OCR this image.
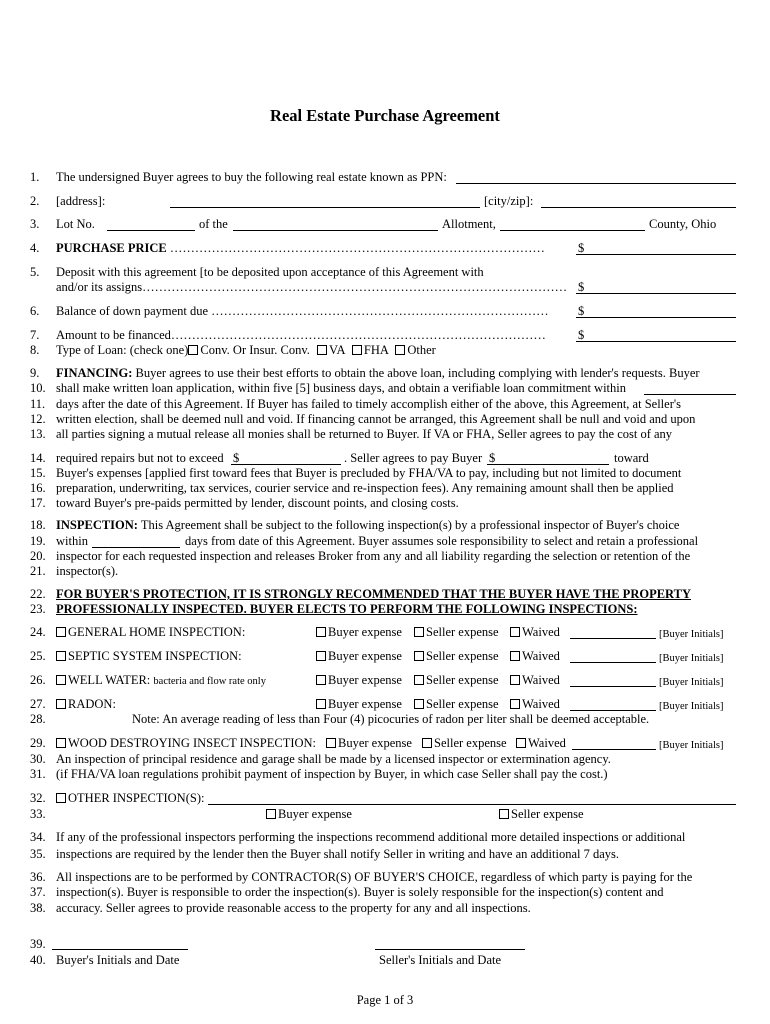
Real Estate Purchase Agreement
1. The undersigned Buyer agrees to buy the following real estate known as PPN:
2. [address]:	[city/zip]:
3. Lot No.	of the	Allotment,	County, Ohio
4. PURCHASE PRICE ………………………………………………………………………………	$
5. Deposit with this agreement [to be deposited upon acceptance of this Agreement with
and/or its assigns………………………………………………………………………………………… $
6. Balance of down payment due ……………………………………………………………………… $
7. Amount to be financed………………………………………………………………………………	$
8. Type of Loan: (check one) Conv. Or Insur. Conv. VA FHA Other
9. FINANCING: Buyer agrees to use their best efforts to obtain the above loan, including complying with lender's requests. Buyer
10. shall make written loan application, within five [5] business days, and obtain a verifiable loan commitment within
11. days after the date of this Agreement. If Buyer has failed to timely accomplish either of the above, this Agreement, at Seller's
12. written election, shall be deemed null and void. If financing cannot be arranged, this Agreement shall be null and void and upon
13. all parties signing a mutual release all monies shall be returned to Buyer. If VA or FHA, Seller agrees to pay the cost of any
14. required repairs but not to exceed $	. Seller agrees to pay Buyer $	toward
15. Buyer's expenses [applied first toward fees that Buyer is precluded by FHA/VA to pay, including but not limited to document
16. preparation, underwriting, tax services, courier service and re-inspection fees). Any remaining amount shall then be applied
17. toward Buyer's pre-paids permitted by lender, discount points, and closing costs.
18. INSPECTION: This Agreement shall be subject to the following inspection(s) by a professional inspector of Buyer's choice
19. within	days from date of this Agreement. Buyer assumes sole responsibility to select and retain a professional
20. inspector for each requested inspection and releases Broker from any and all liability regarding the selection or retention of the
21. inspector(s).
22. FOR BUYER'S PROTECTION, IT IS STRONGLY RECOMMENDED THAT THE BUYER HAVE THE PROPERTY
23. PROFESSIONALLY INSPECTED. BUYER ELECTS TO PERFORM THE FOLLOWING INSPECTIONS:
24. GENERAL HOME INSPECTION:	Buyer expense	Seller expense	Waived	[Buyer Initials]
25. SEPTIC SYSTEM INSPECTION:	Buyer expense	Seller expense	Waived	[Buyer Initials]
26. WELL WATER: bacteria and flow rate only	Buyer expense	Seller expense	Waived	[Buyer Initials]
27. RADON:	Buyer expense	Seller expense	Waived	[Buyer Initials]
28.	Note: An average reading of less than Four (4) picocuries of radon per liter shall be deemed acceptable.
29. WOOD DESTROYING INSECT INSPECTION:	Buyer expense	Seller expense	Waived	[Buyer Initials]
30. An inspection of principal residence and garage shall be made by a licensed inspector or extermination agency.
31. (if FHA/VA loan regulations prohibit payment of inspection by Buyer, in which case Seller shall pay the cost.)
32. OTHER INSPECTION(S):
33.	Buyer expense	Seller expense
34. If any of the professional inspectors performing the inspections recommend additional more detailed inspections or additional
35. inspections are required by the lender then the Buyer shall notify Seller in writing and have an additional 7 days.
36. All inspections are to be performed by CONTRACTOR(S) OF BUYER'S CHOICE, regardless of which party is paying for the
37. inspection(s). Buyer is responsible to order the inspection(s). Buyer is solely responsible for the inspection(s) content and
38. accuracy. Seller agrees to provide reasonable access to the property for any and all inspections.
39.
40. Buyer's Initials and Date	Seller's Initials and Date
Page 1 of 3
